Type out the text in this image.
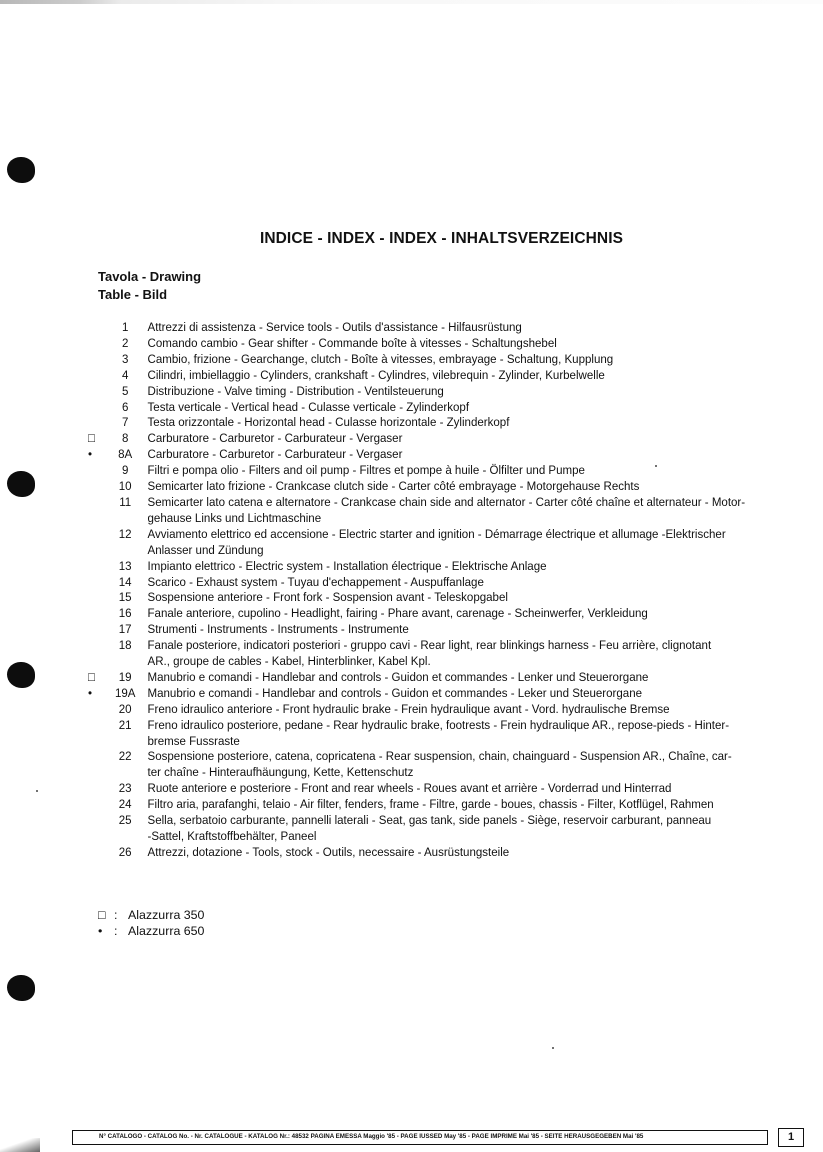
INDICE - INDEX - INDEX - INHALTSVERZEICHNIS

Tavola - Drawing

Table - Bild

1	Attrezzi di assistenza - Service tools - Outils d'assistance - Hilfausrüstung
2	Comando cambio - Gear shifter - Commande boîte à vitesses - Schaltungshebel
3	Cambio, frizione - Gearchange, clutch - Boîte à vitesses, embrayage - Schaltung, Kupplung
4	Cilindri, imbiellaggio - Cylinders, crankshaft - Cylindres, vilebrequin - Zylinder, Kurbelwelle
5	Distribuzione - Valve timing - Distribution - Ventilsteuerung
6	Testa verticale - Vertical head - Culasse verticale - Zylinderkopf
7	Testa orizzontale - Horizontal head - Culasse horizontale - Zylinderkopf
□	8	Carburatore - Carburetor - Carburateur - Vergaser
•	8A	Carburatore - Carburetor - Carburateur - Vergaser
9	Filtri e pompa olio - Filters and oil pump - Filtres et pompe à huile - Ölfilter und Pumpe
10	Semicarter lato frizione - Crankcase clutch side - Carter côté embrayage - Motorgehause Rechts
11	Semicarter lato catena e alternatore - Crankcase chain side and alternator - Carter côté chaîne et alternateur - Motor-
gehause Links und Lichtmaschine
12	Avviamento elettrico ed accensione - Electric starter and ignition - Démarrage électrique et allumage -Elektrischer
Anlasser und Zündung
13	Impianto elettrico - Electric system - Installation électrique - Elektrische Anlage
14	Scarico - Exhaust system - Tuyau d'echappement - Auspuffanlage
15	Sospensione anteriore - Front fork - Sospension avant - Teleskopgabel
16	Fanale anteriore, cupolino - Headlight, fairing - Phare avant, carenage - Scheinwerfer, Verkleidung
17	Strumenti - Instruments - Instruments - Instrumente
18	Fanale posteriore, indicatori posteriori - gruppo cavi - Rear light, rear blinkings harness - Feu arrière, clignotant
AR., groupe de cables - Kabel, Hinterblinker, Kabel Kpl.
□	19	Manubrio e comandi - Handlebar and controls - Guidon et commandes - Lenker und Steuerorgane
•	19A Manubrio e comandi - Handlebar and controls - Guidon et commandes - Leker und Steuerorgane
20	Freno idraulico anteriore - Front hydraulic brake - Frein hydraulique avant - Vord. hydraulische Bremse
21	Freno idraulico posteriore, pedane - Rear hydraulic brake, footrests - Frein hydraulique AR., repose-pieds - Hinter-
bremse Fussraste
22	Sospensione posteriore, catena, copricatena - Rear suspension, chain, chainguard - Suspension AR., Chaîne, car-
ter chaîne - Hinteraufhäungung, Kette, Kettenschutz
23	Ruote anteriore e posteriore - Front and rear wheels - Roues avant et arrière - Vorderrad und Hinterrad
24	Filtro aria, parafanghi, telaio - Air filter, fenders, frame - Filtre, garde - boues, chassis - Filter, Kotflügel, Rahmen
25	Sella, serbatoio carburante, pannelli laterali - Seat, gas tank, side panels - Siège, reservoir carburant, panneau
-Sattel, Kraftstoffbehälter, Paneel
26	Attrezzi, dotazione - Tools, stock - Outils, necessaire - Ausrüstungsteile
□ : Alazzurra 350
• : Alazzurra 650
N° CATALOGO - CATALOG No. - Nr. CATALOGUE - KATALOG Nr.: 48532 PAGINA EMESSA Maggio '85 - PAGE IUSSED May '85 - PAGE IMPRIME Mai '85 - SEITE HERAUSGEGEBEN Mai '85	1
